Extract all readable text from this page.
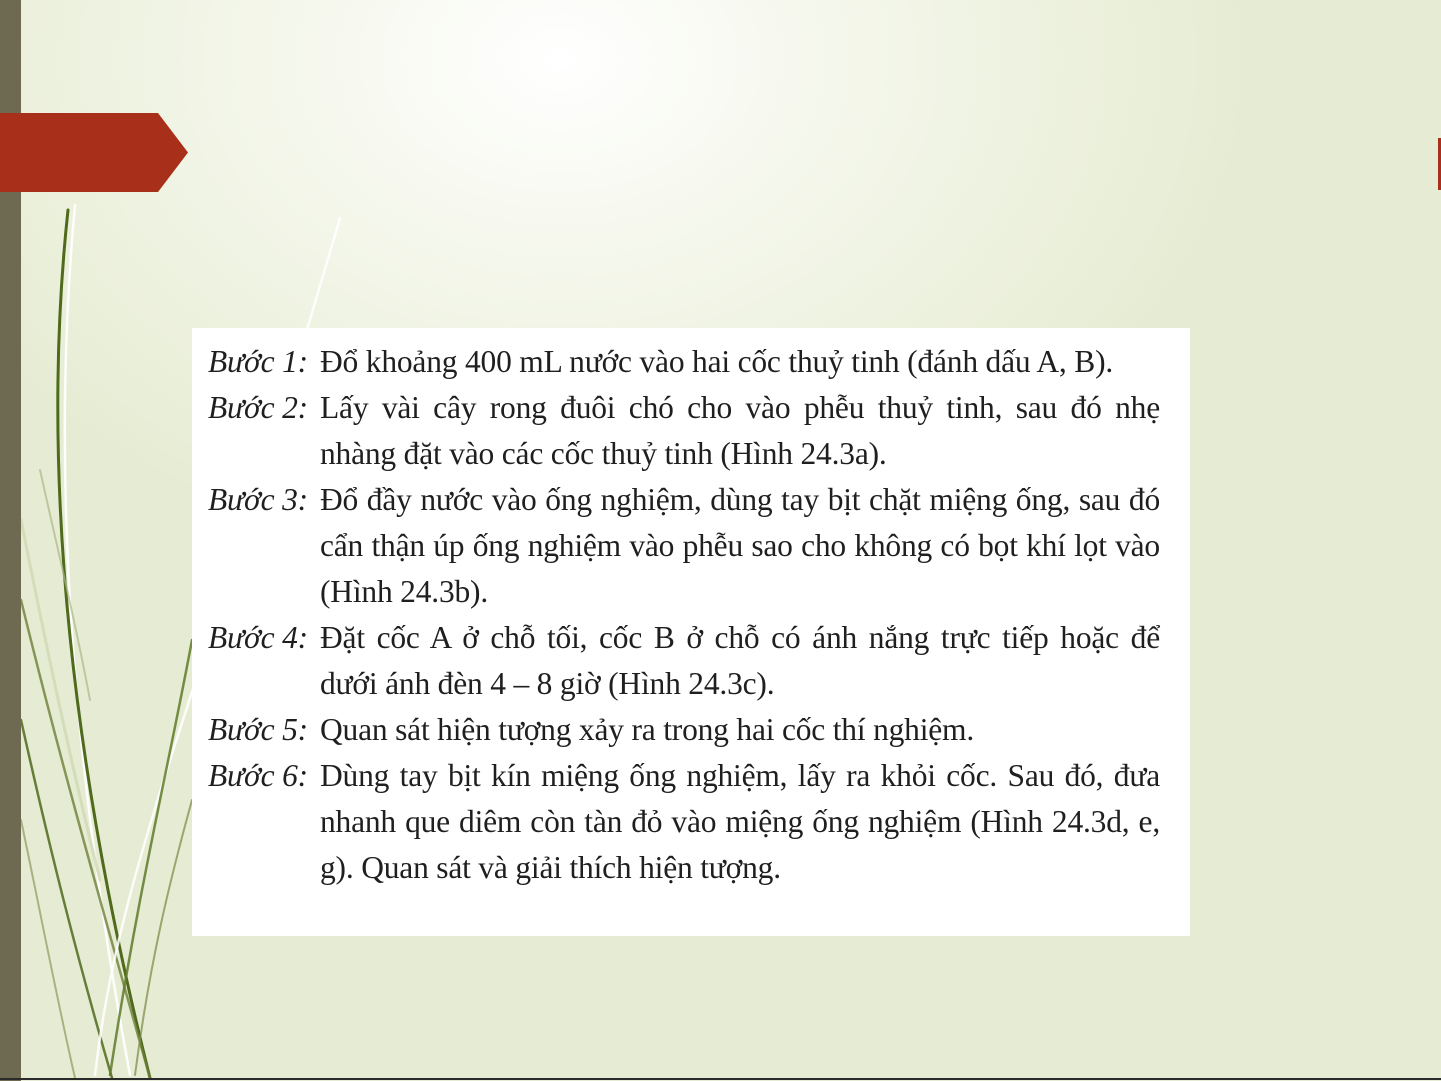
Bước 1: Đổ khoảng 400 mL nước vào hai cốc thuỷ tinh (đánh dấu A, B).
Bước 2: Lấy vài cây rong đuôi chó cho vào phễu thuỷ tinh, sau đó nhẹ nhàng đặt vào các cốc thuỷ tinh (Hình 24.3a).
Bước 3: Đổ đầy nước vào ống nghiệm, dùng tay bịt chặt miệng ống, sau đó cẩn thận úp ống nghiệm vào phễu sao cho không có bọt khí lọt vào (Hình 24.3b).
Bước 4: Đặt cốc A ở chỗ tối, cốc B ở chỗ có ánh nắng trực tiếp hoặc để dưới ánh đèn 4 – 8 giờ (Hình 24.3c).
Bước 5: Quan sát hiện tượng xảy ra trong hai cốc thí nghiệm.
Bước 6: Dùng tay bịt kín miệng ống nghiệm, lấy ra khỏi cốc. Sau đó, đưa nhanh que diêm còn tàn đỏ vào miệng ống nghiệm (Hình 24.3d, e, g). Quan sát và giải thích hiện tượng.
